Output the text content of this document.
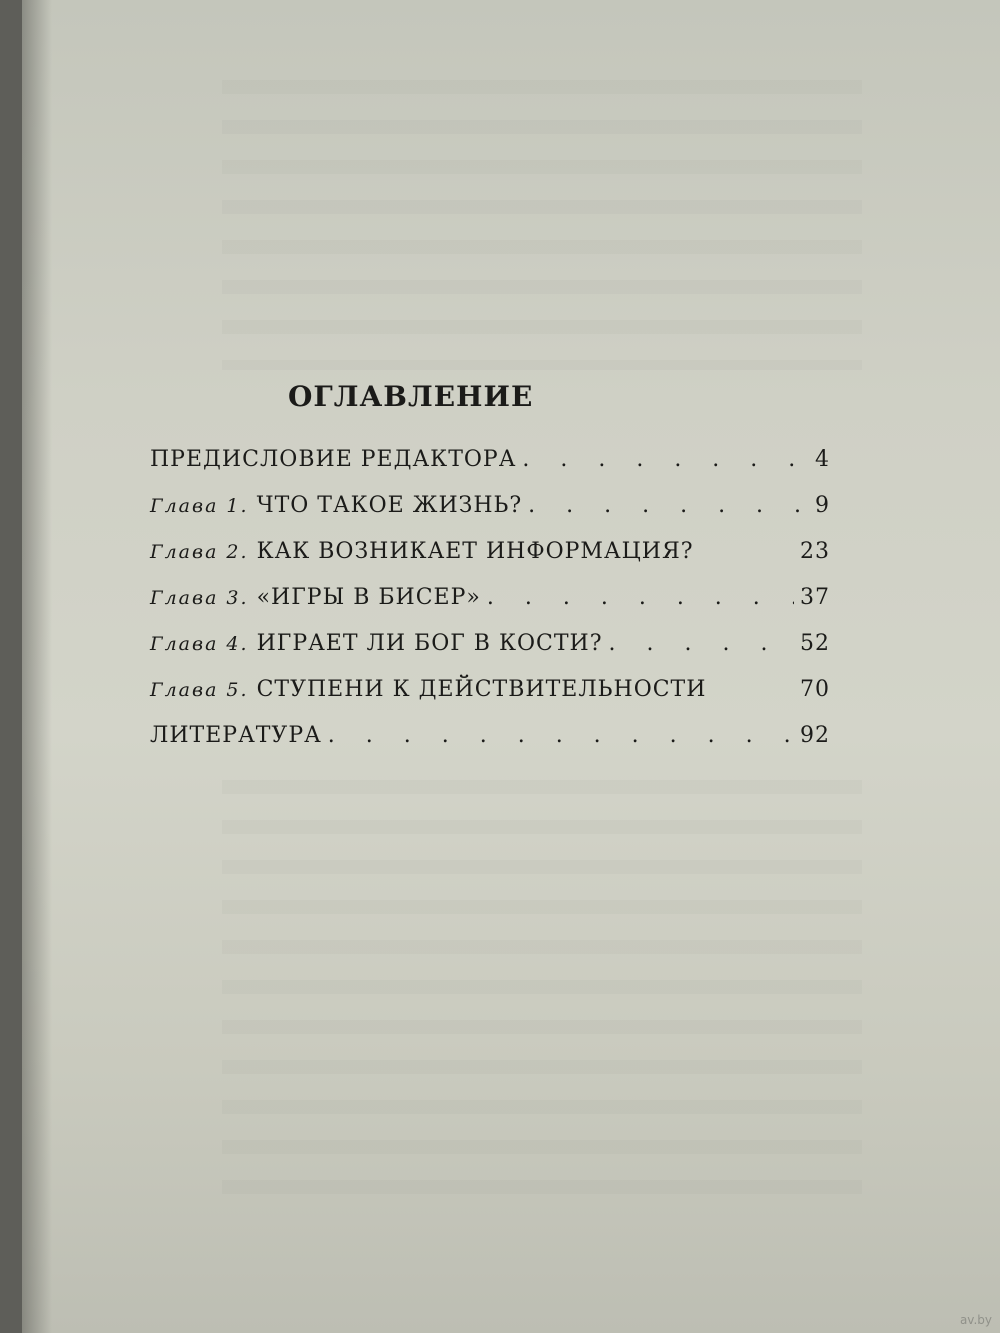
ОГЛАВЛЕНИЕ
ПРЕДИСЛОВИЕ РЕДАКТОРА . . .	4
Глава 1. ЧТО ТАКОЕ ЖИЗНЬ? . . .	9
Глава 2. КАК ВОЗНИКАЕТ ИНФОРМАЦИЯ?	23
Глава 3. «ИГРЫ В БИСЕР» . . .	37
Глава 4. ИГРАЕТ ЛИ БОГ В КОСТИ? . . .	52
Глава 5. СТУПЕНИ К ДЕЙСТВИТЕЛЬНОСТИ	70
ЛИТЕРАТУРА . . .	92
av.by
